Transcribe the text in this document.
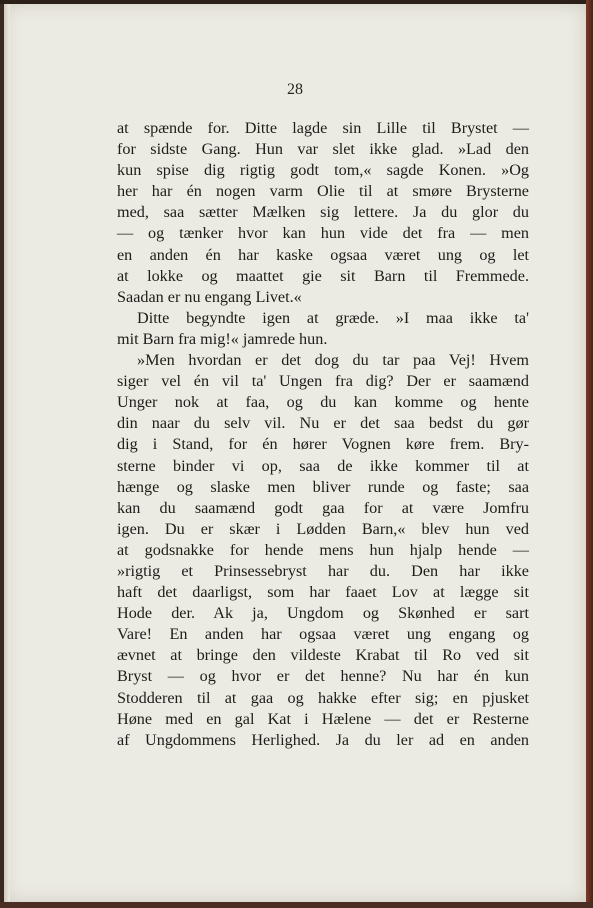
28
at spænde for. Ditte lagde sin Lille til Brystet —
for sidste Gang. Hun var slet ikke glad. »Lad den
kun spise dig rigtig godt tom,« sagde Konen. »Og
her har én nogen varm Olie til at smøre Brysterne
med, saa sætter Mælken sig lettere. Ja du glor du
— og tænker hvor kan hun vide det fra — men
en anden én har kaske ogsaa været ung og let
at lokke og maattet gie sit Barn til Fremmede.
Saadan er nu engang Livet.«
Ditte begyndte igen at græde. »I maa ikke ta'
mit Barn fra mig!« jamrede hun.
»Men hvordan er det dog du tar paa Vej! Hvem
siger vel én vil ta' Ungen fra dig? Der er saamænd
Unger nok at faa, og du kan komme og hente
din naar du selv vil. Nu er det saa bedst du gør
dig i Stand, for én hører Vognen køre frem. Bry-
sterne binder vi op, saa de ikke kommer til at
hænge og slaske men bliver runde og faste; saa
kan du saamænd godt gaa for at være Jomfru
igen. Du er skær i Lødden Barn,« blev hun ved
at godsnakke for hende mens hun hjalp hende —
»rigtig et Prinsessebryst har du. Den har ikke
haft det daarligst, som har faaet Lov at lægge sit
Hode der. Ak ja, Ungdom og Skønhed er sart
Vare! En anden har ogsaa været ung engang og
ævnet at bringe den vildeste Krabat til Ro ved sit
Bryst — og hvor er det henne? Nu har én kun
Stodderen til at gaa og hakke efter sig; en pjusket
Høne med en gal Kat i Hælene — det er Resterne
af Ungdommens Herlighed. Ja du ler ad en anden
